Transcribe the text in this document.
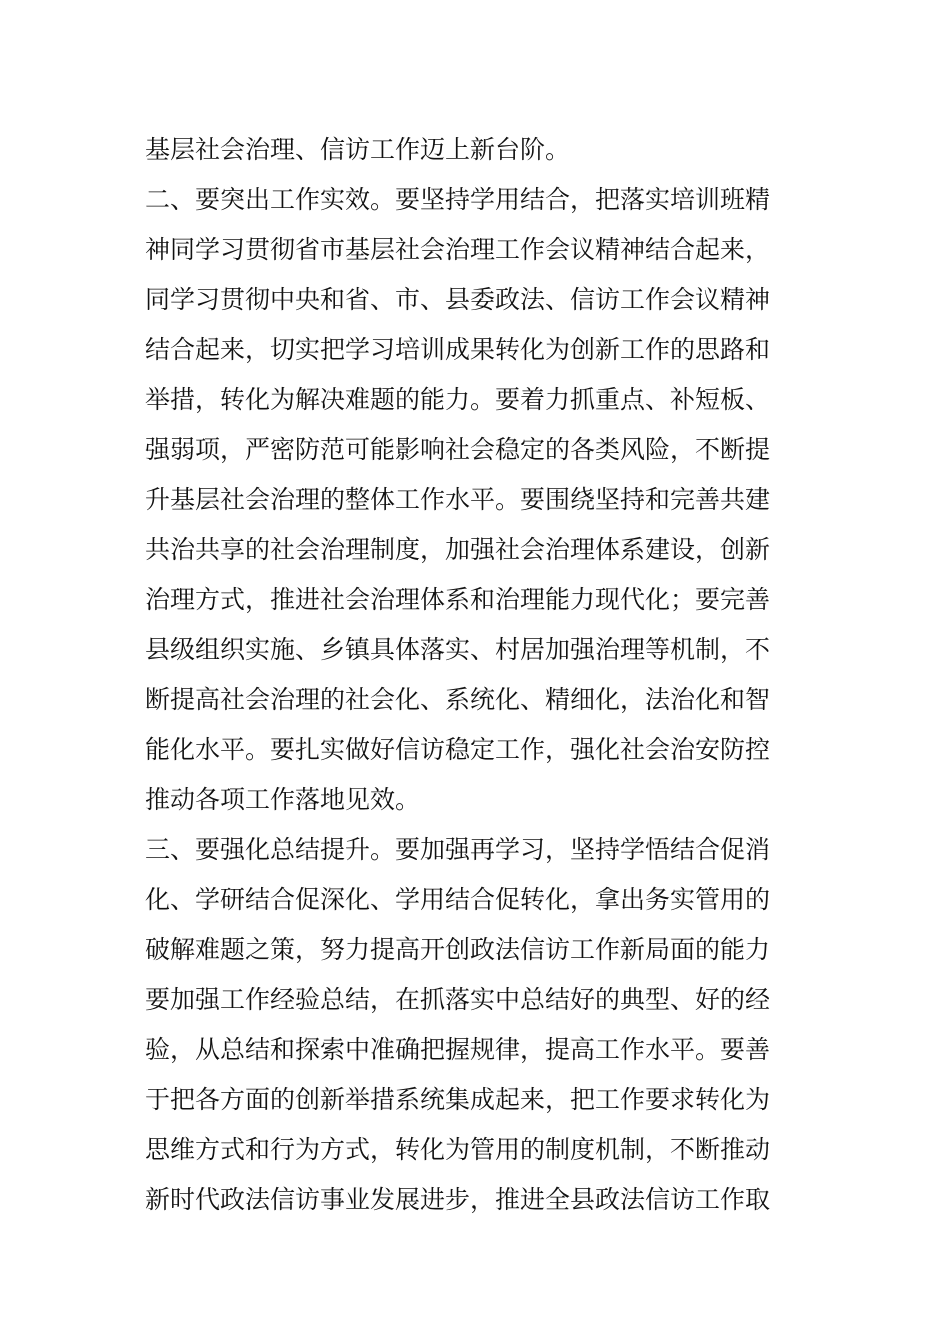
基层社会治理、信访工作迈上新台阶。
二、要突出工作实效。要坚持学用结合，把落实培训班精
神同学习贯彻省市基层社会治理工作会议精神结合起来，
同学习贯彻中央和省、市、县委政法、信访工作会议精神
结合起来，切实把学习培训成果转化为创新工作的思路和
举措，转化为解决难题的能力。要着力抓重点、补短板、
强弱项，严密防范可能影响社会稳定的各类风险，不断提
升基层社会治理的整体工作水平。要围绕坚持和完善共建
共治共享的社会治理制度，加强社会治理体系建设，创新
治理方式，推进社会治理体系和治理能力现代化；要完善
县级组织实施、乡镇具体落实、村居加强治理等机制，不
断提高社会治理的社会化、系统化、精细化，法治化和智
能化水平。要扎实做好信访稳定工作，强化社会治安防控
推动各项工作落地见效。
三、要强化总结提升。要加强再学习，坚持学悟结合促消
化、学研结合促深化、学用结合促转化，拿出务实管用的
破解难题之策，努力提高开创政法信访工作新局面的能力
要加强工作经验总结，在抓落实中总结好的典型、好的经
验，从总结和探索中准确把握规律，提高工作水平。要善
于把各方面的创新举措系统集成起来，把工作要求转化为
思维方式和行为方式，转化为管用的制度机制，不断推动
新时代政法信访事业发展进步，推进全县政法信访工作取
